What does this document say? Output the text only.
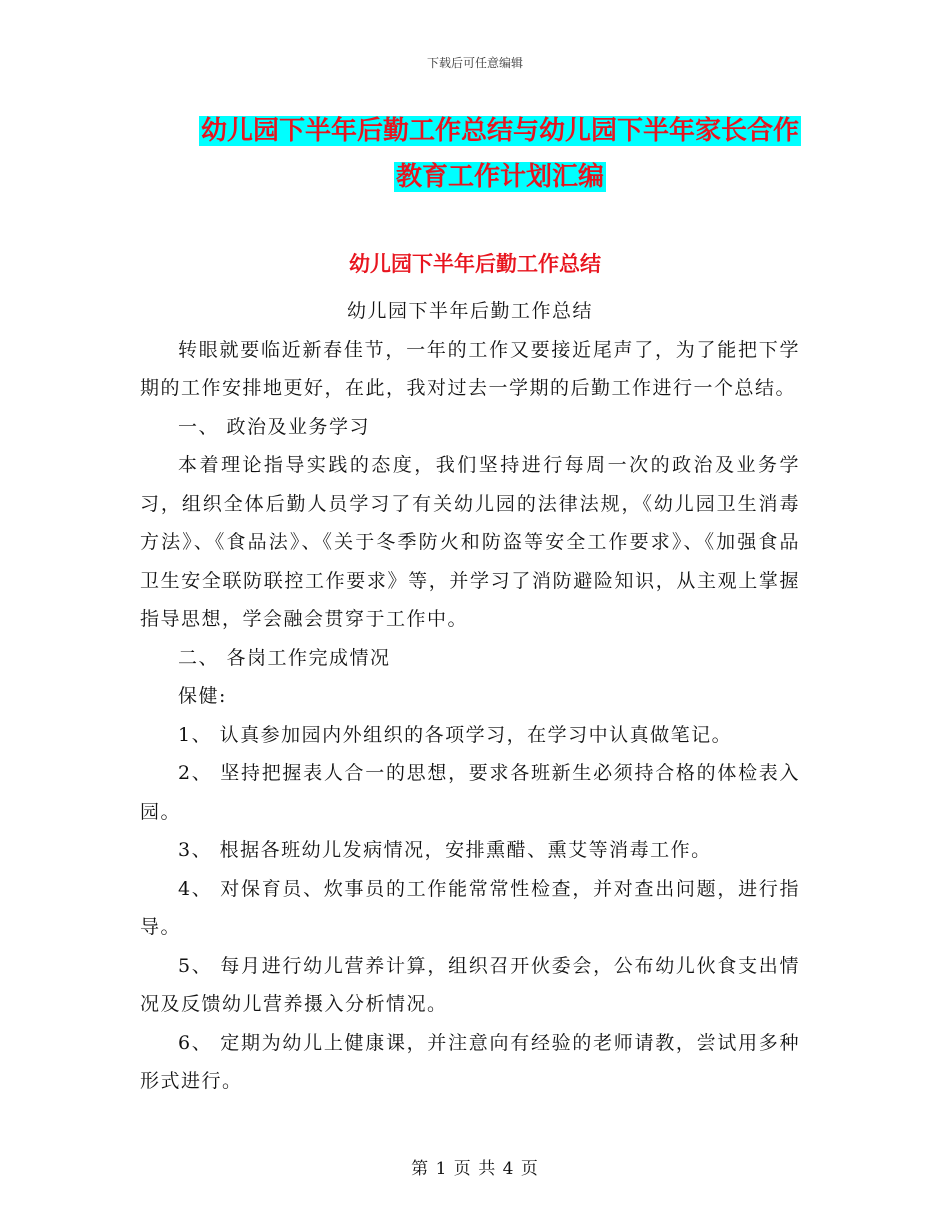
下载后可任意编辑
幼儿园下半年后勤工作总结与幼儿园下半年家长合作
教育工作计划汇编
幼儿园下半年后勤工作总结

幼儿园下半年后勤工作总结

转眼就要临近新春佳节，一年的工作又要接近尾声了，为了能把下学期的工作安排地更好，在此，我对过去一学期的后勤工作进行一个总结。

一、 政治及业务学习

本着理论指导实践的态度，我们坚持进行每周一次的政治及业务学习，组织全体后勤人员学习了有关幼儿园的法律法规，《幼儿园卫生消毒方法》、《食品法》、《关于冬季防火和防盗等安全工作要求》、《加强食品卫生安全联防联控工作要求》等，并学习了消防避险知识，从主观上掌握指导思想，学会融会贯穿于工作中。

二、 各岗工作完成情况

保健:

1、 认真参加园内外组织的各项学习，在学习中认真做笔记。

2、 坚持把握表人合一的思想，要求各班新生必须持合格的体检表入园。

3、 根据各班幼儿发病情况，安排熏醋、熏艾等消毒工作。

4、 对保育员、炊事员的工作能常常性检查，并对查出问题，进行指导。

5、 每月进行幼儿营养计算，组织召开伙委会，公布幼儿伙食支出情况及反馈幼儿营养摄入分析情况。

6、 定期为幼儿上健康课，并注意向有经验的老师请教，尝试用多种形式进行。

第 1 页 共 4 页
